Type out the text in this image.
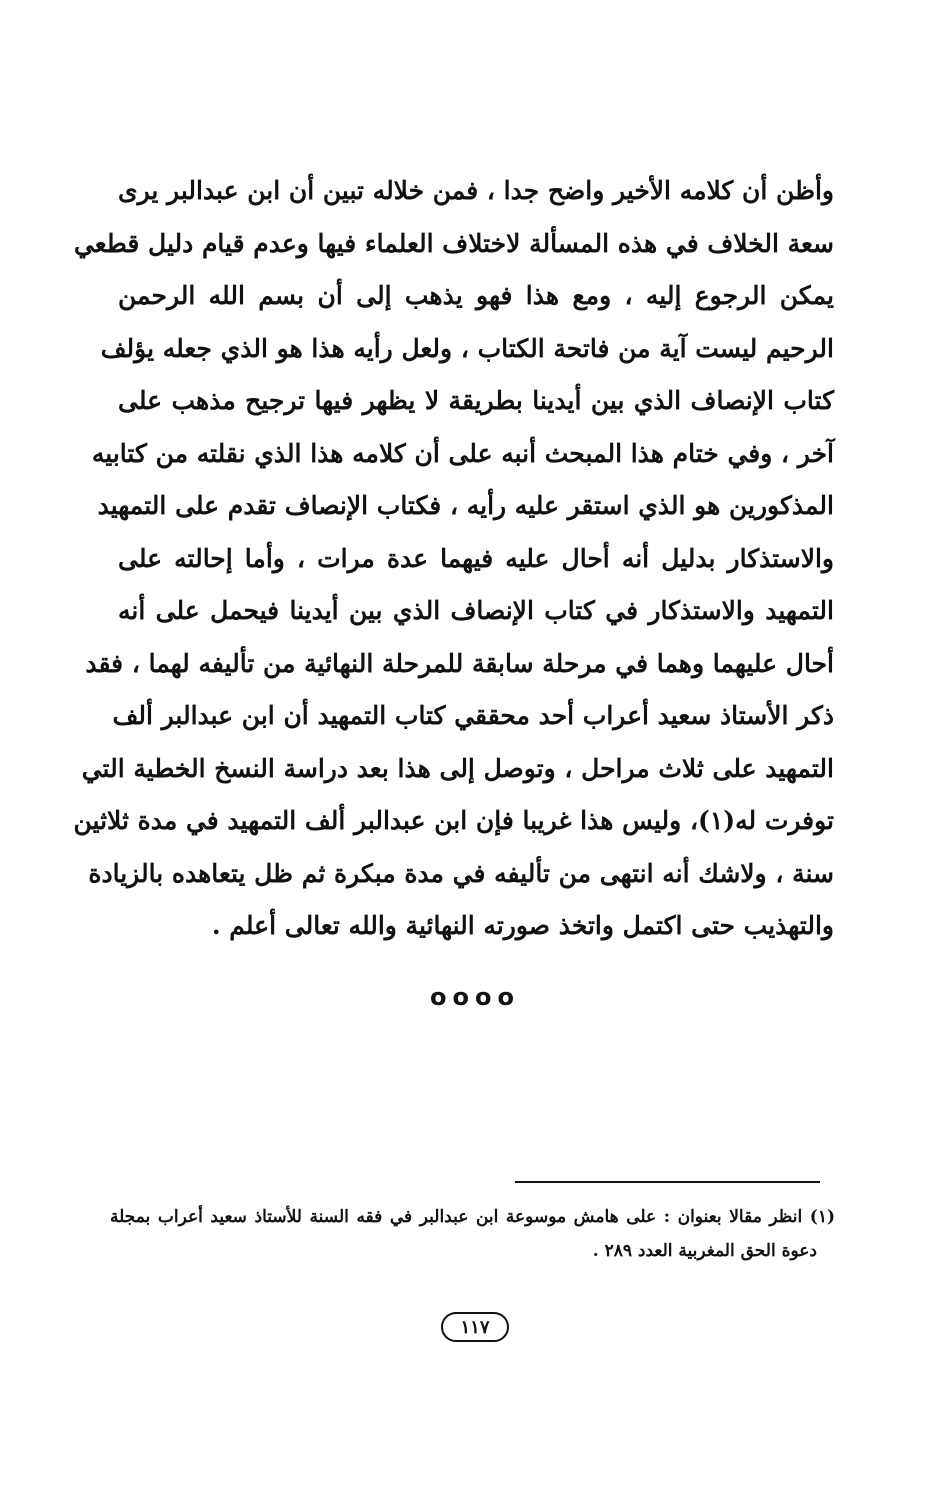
وأظن أن كلامه الأخير واضح جدا ، فمن خلاله تبين أن ابن عبدالبر يرى
سعة الخلاف في هذه المسألة لاختلاف العلماء فيها وعدم قيام دليل قطعي
يمكن الرجوع إليه ، ومع هذا فهو يذهب إلى أن بسم الله الرحمن
الرحيم ليست آية من فاتحة الكتاب ، ولعل رأيه هذا هو الذي جعله يؤلف
كتاب الإنصاف الذي بين أيدينا بطريقة لا يظهر فيها ترجيح مذهب على
آخر ، وفي ختام هذا المبحث أنبه على أن كلامه هذا الذي نقلته من كتابيه
المذكورين هو الذي استقر عليه رأيه ، فكتاب الإنصاف تقدم على التمهيد
والاستذكار بدليل أنه أحال عليه فيهما عدة مرات ، وأما إحالته على
التمهيد والاستذكار في كتاب الإنصاف الذي بين أيدينا فيحمل على أنه
أحال عليهما وهما في مرحلة سابقة للمرحلة النهائية من تأليفه لهما ، فقد
ذكر الأستاذ سعيد أعراب أحد محققي كتاب التمهيد أن ابن عبدالبر ألف
التمهيد على ثلاث مراحل ، وتوصل إلى هذا بعد دراسة النسخ الخطية التي
توفرت له(١)، وليس هذا غريبا فإن ابن عبدالبر ألف التمهيد في مدة ثلاثين
سنة ، ولاشك أنه انتهى من تأليفه في مدة مبكرة ثم ظل يتعاهده بالزيادة
والتهذيب حتى اكتمل واتخذ صورته النهائية والله تعالى أعلم .
oooo
(١) انظر مقالا بعنوان : على هامش موسوعة ابن عبدالبر في فقه السنة للأستاذ سعيد أعراب بمجلة
دعوة الحق المغربية العدد ٢٨٩ .
١١٧
